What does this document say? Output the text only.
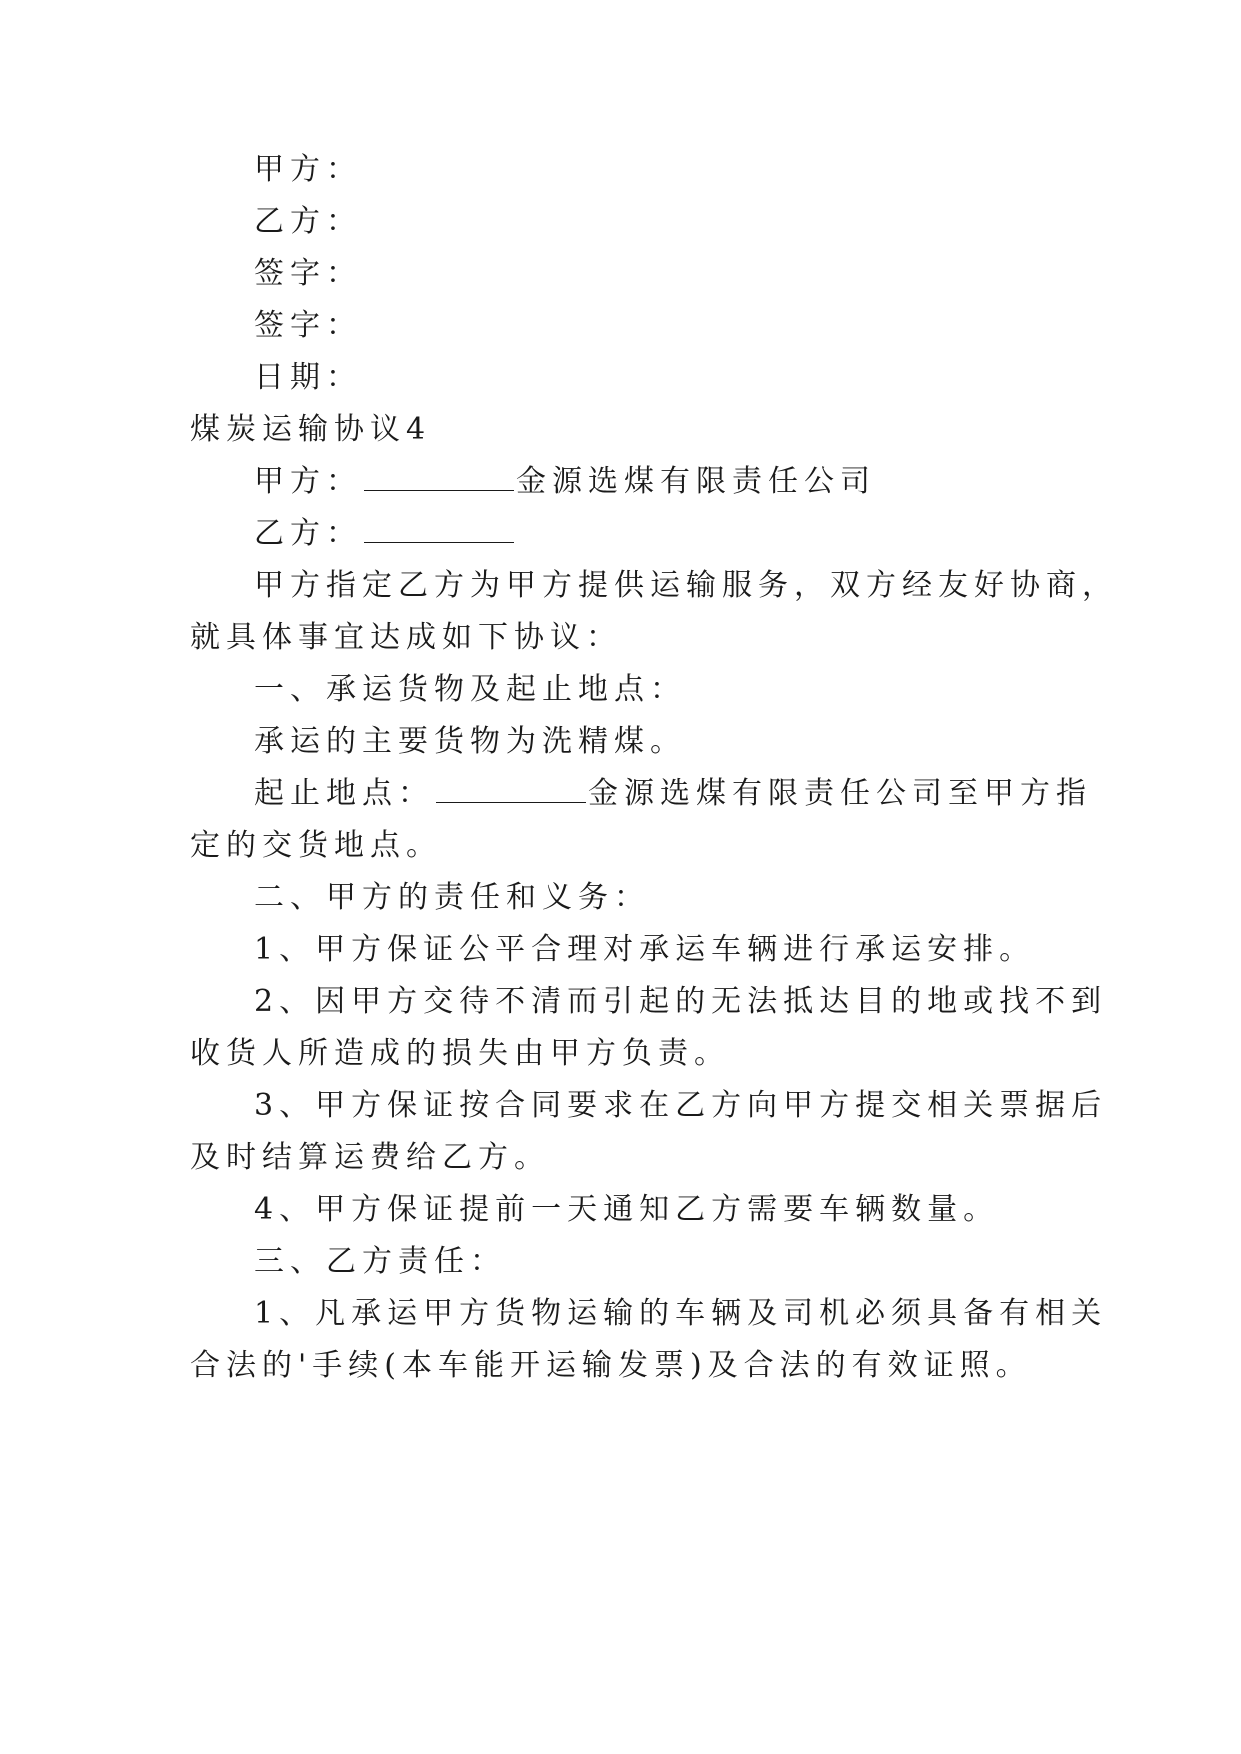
甲方：
乙方：
签字：
签字：
日期：
煤炭运输协议4
甲方：	金源选煤有限责任公司
乙方：
甲方指定乙方为甲方提供运输服务，双方经友好协商，
就具体事宜达成如下协议：
一、承运货物及起止地点：
承运的主要货物为洗精煤。
起止地点：	金源选煤有限责任公司至甲方指
定的交货地点。
二、甲方的责任和义务：
1、甲方保证公平合理对承运车辆进行承运安排。
2、因甲方交待不清而引起的无法抵达目的地或找不到
收货人所造成的损失由甲方负责。
3、甲方保证按合同要求在乙方向甲方提交相关票据后
及时结算运费给乙方。
4、甲方保证提前一天通知乙方需要车辆数量。
三、乙方责任：
1、凡承运甲方货物运输的车辆及司机必须具备有相关
合法的'手续(本车能开运输发票)及合法的有效证照。
